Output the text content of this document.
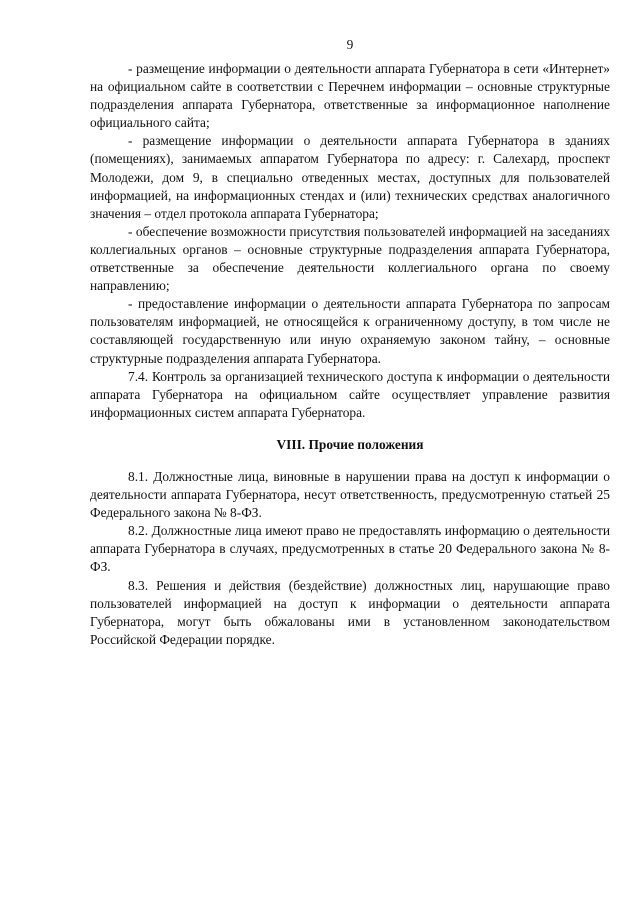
9

- размещение информации о деятельности аппарата Губернатора в сети «Интернет» на официальном сайте в соответствии с Перечнем информации – основные структурные подразделения аппарата Губернатора, ответственные за информационное наполнение официального сайта;

- размещение информации о деятельности аппарата Губернатора в зданиях (помещениях), занимаемых аппаратом Губернатора по адресу: г. Салехард, проспект Молодежи, дом 9, в специально отведенных местах, доступных для пользователей информацией, на информационных стендах и (или) технических средствах аналогичного значения – отдел протокола аппарата Губернатора;

- обеспечение возможности присутствия пользователей информацией на заседаниях коллегиальных органов – основные структурные подразделения аппарата Губернатора, ответственные за обеспечение деятельности коллегиального органа по своему направлению;

- предоставление информации о деятельности аппарата Губернатора по запросам пользователям информацией, не относящейся к ограниченному доступу, в том числе не составляющей государственную или иную охраняемую законом тайну, – основные структурные подразделения аппарата Губернатора.

7.4. Контроль за организацией технического доступа к информации о деятельности аппарата Губернатора на официальном сайте осуществляет управление развития информационных систем аппарата Губернатора.

VIII. Прочие положения

8.1. Должностные лица, виновные в нарушении права на доступ к информации о деятельности аппарата Губернатора, несут ответственность, предусмотренную статьей 25 Федерального закона № 8-ФЗ.

8.2. Должностные лица имеют право не предоставлять информацию о деятельности аппарата Губернатора в случаях, предусмотренных в статье 20 Федерального закона № 8-ФЗ.

8.3. Решения и действия (бездействие) должностных лиц, нарушающие право пользователей информацией на доступ к информации о деятельности аппарата Губернатора, могут быть обжалованы ими в установленном законодательством Российской Федерации порядке.
